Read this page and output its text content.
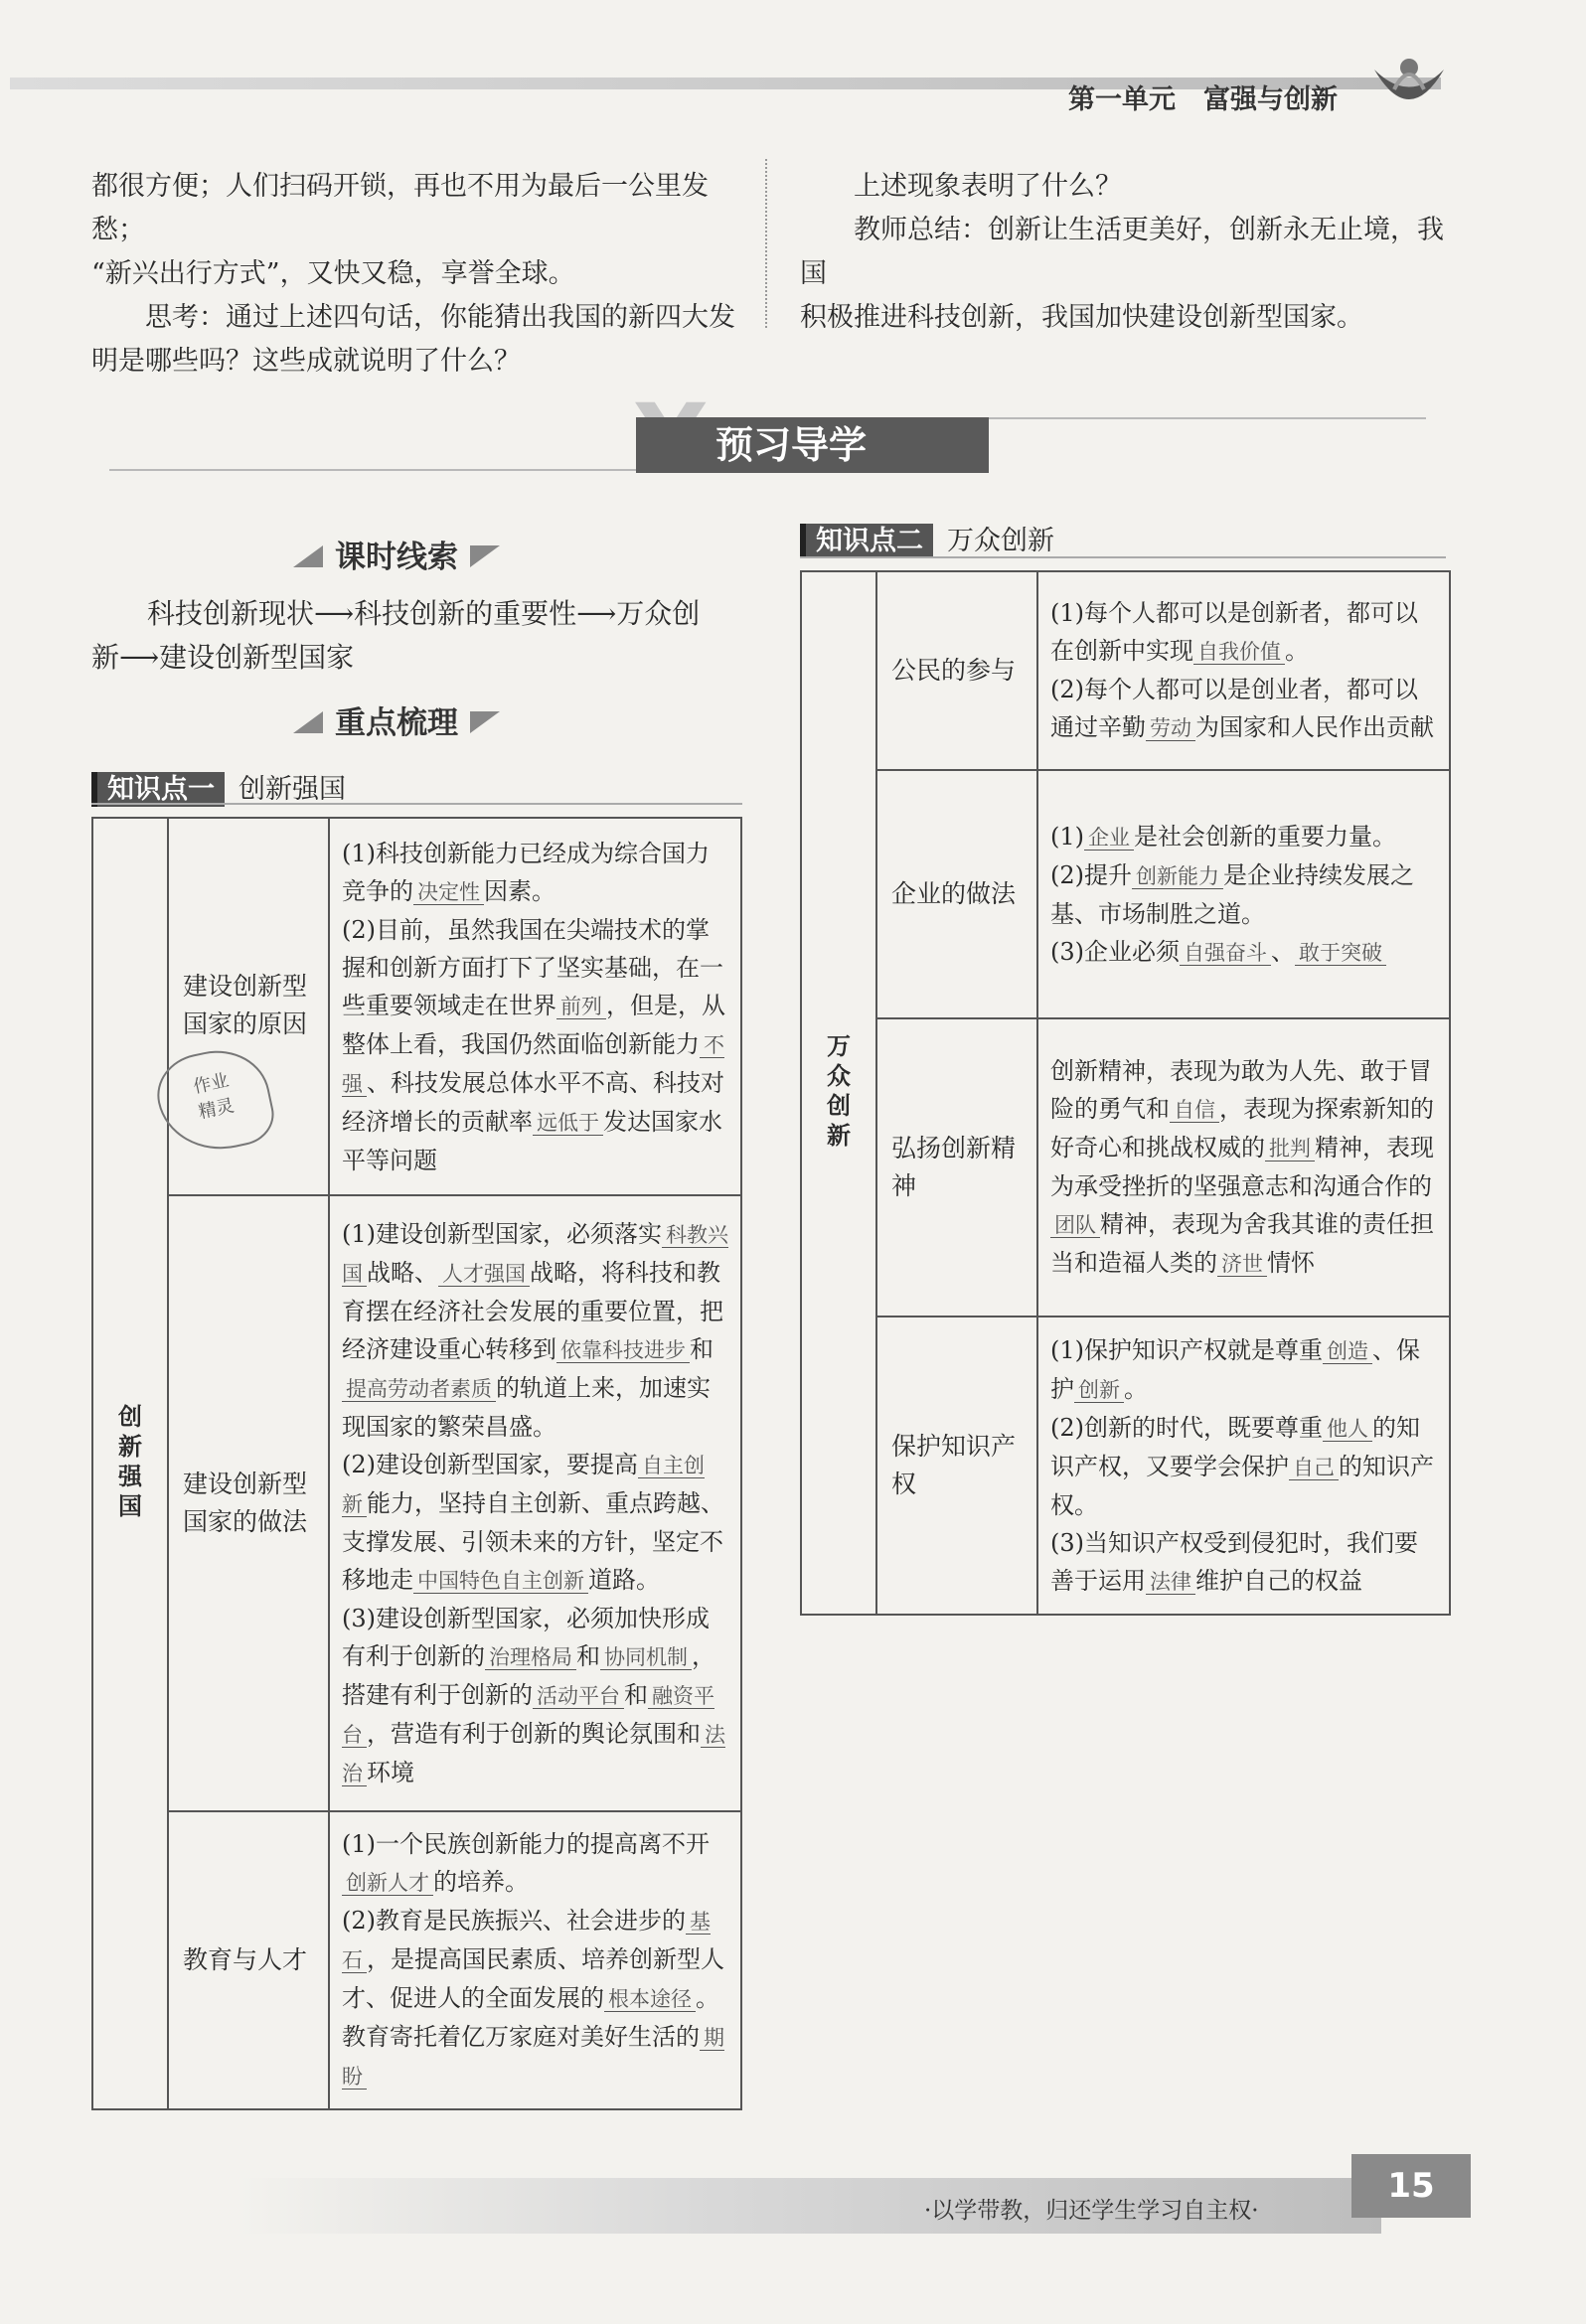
第一单元 富强与创新
都很方便；人们扫码开锁，再也不用为最后一公里发愁；
“新兴出行方式”，又快又稳，享誉全球。
思考：通过上述四句话，你能猜出我国的新四大发
明是哪些吗？这些成就说明了什么？
上述现象表明了什么？
教师总结：创新让生活更美好，创新永无止境，我国
积极推进科技创新，我国加快建设创新型国家。
预习导学
课时线索
科技创新现状⟶科技创新的重要性⟶万众创
新⟶建设创新型国家
重点梳理
知识点一 创新强国
创新强国	建设创新型国家的原因	(1)科技创新能力已经成为综合国力竞争的 决定性 因素。
(2)目前，虽然我国在尖端技术的掌握和创新方面打下了坚实基础，在一些重要领域走在世界 前列 ，但是，从整体上看，我国仍然面临创新能力 不强 、科技发展总体水平不高、科技对经济增长的贡献率 远低于 发达国家水平等问题
	建设创新型国家的做法	(1)建设创新型国家，必须落实 科教兴国 战略、 人才强国 战略，将科技和教育摆在经济社会发展的重要位置，把经济建设重心转移到 依靠科技进步 和提高劳动者素质 的轨道上来，加速实现国家的繁荣昌盛。
(2)建设创新型国家，要提高 自主创新 能力，坚持自主创新、重点跨越、支撑发展、引领未来的方针，坚定不移地走 中国特色自主创新 道路。
(3)建设创新型国家，必须加快形成有利于创新的 治理格局 和 协同机制 ，搭建有利于创新的 活动平台 和 融资平台 ，营造有利于创新的舆论氛围和 法治 环境
	教育与人才	(1)一个民族创新能力的提高离不开创新人才 的培养。
(2)教育是民族振兴、社会进步的 基石 ，是提高国民素质、培养创新型人才、促进人的全面发展的 根本途径 。教育寄托着亿万家庭对美好生活的 期盼
作业
精灵
知识点二 万众创新
万众创新	公民的参与	(1)每个人都可以是创新者，都可以在创新中实现 自我价值 。
(2)每个人都可以是创业者，都可以通过辛勤 劳动 为国家和人民作出贡献
	企业的做法	(1) 企业 是社会创新的重要力量。
(2)提升 创新能力 是企业持续发展之基、市场制胜之道。
(3)企业必须 自强奋斗 、 敢于突破
	弘扬创新精神	创新精神，表现为敢为人先、敢于冒险的勇气和 自信 ，表现为探索新知的好奇心和挑战权威的 批判 精神，表现为承受挫折的坚强意志和沟通合作的团队 精神，表现为舍我其谁的责任担当和造福人类的 济世 情怀
	保护知识产权	(1)保护知识产权就是尊重 创造 、保护 创新 。
(2)创新的时代，既要尊重 他人 的知识产权，又要学会保护 自己 的知识产权。
(3)当知识产权受到侵犯时，我们要善于运用 法律 维护自己的权益
·以学带教，归还学生学习自主权·
15
